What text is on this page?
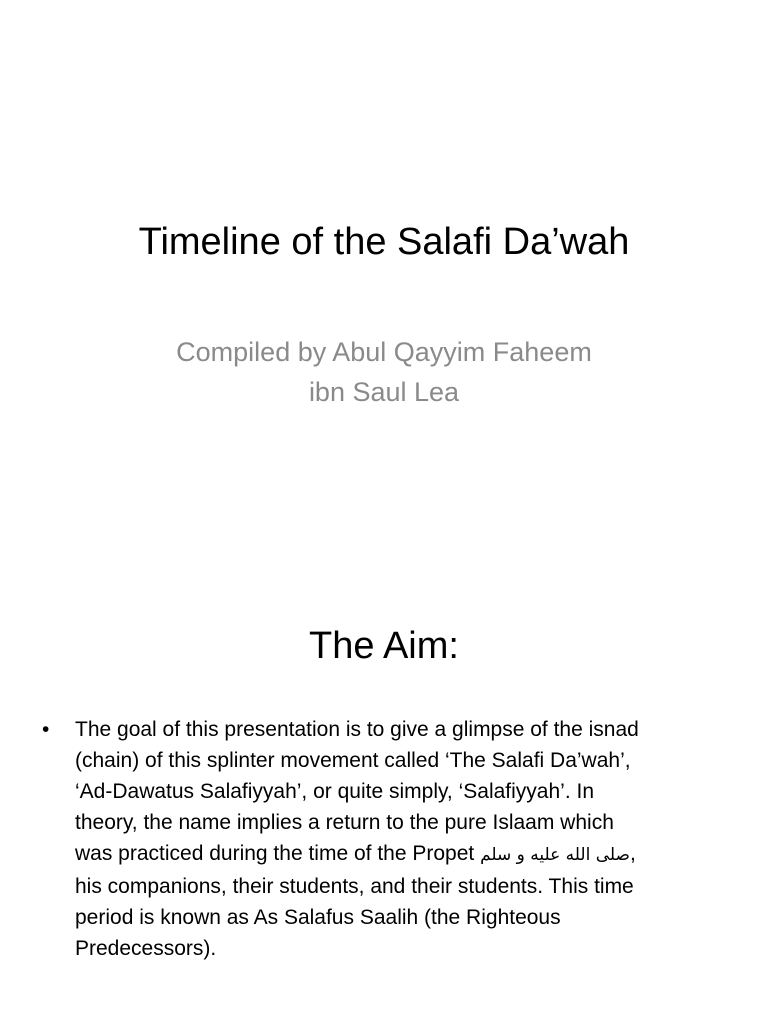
Timeline of the Salafi Da’wah
Compiled by Abul Qayyim Faheem
ibn Saul Lea
The Aim:
• The goal of this presentation is to give a glimpse of the isnad
(chain) of this splinter movement called ‘The Salafi Da’wah’,
‘Ad-Dawatus Salafiyyah’, or quite simply, ‘Salafiyyah’. In
theory, the name implies a return to the pure Islaam which
was practiced during the time of the Propet صلى الله عليه و سلم,
his companions, their students, and their students. This time
period is known as As Salafus Saalih (the Righteous
Predecessors).
